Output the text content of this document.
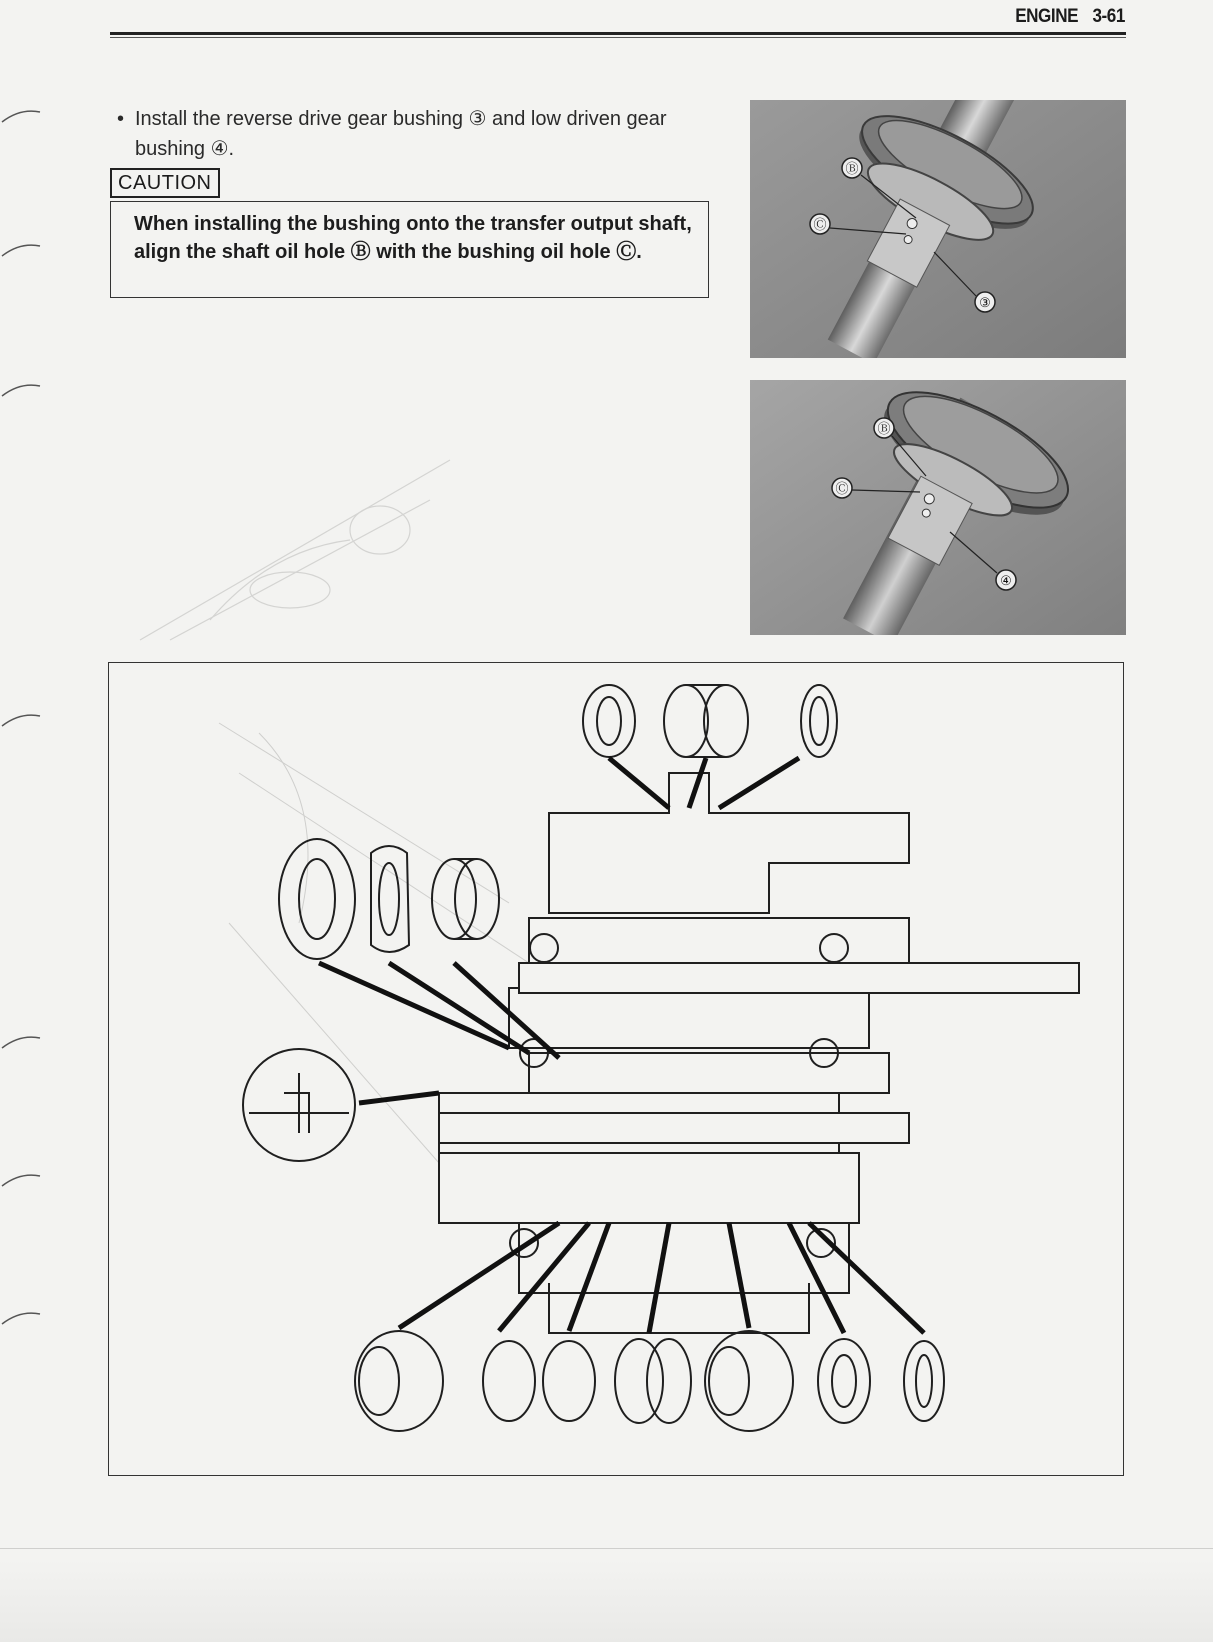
ENGINE 3-61
• Install the reverse drive gear bushing ③ and low driven gear bushing ④.
CAUTION
When installing the bushing onto the transfer output shaft, align the shaft oil hole Ⓑ with the bushing oil hole Ⓒ.
Ⓑ
Ⓒ
③
Ⓑ
Ⓒ
④
